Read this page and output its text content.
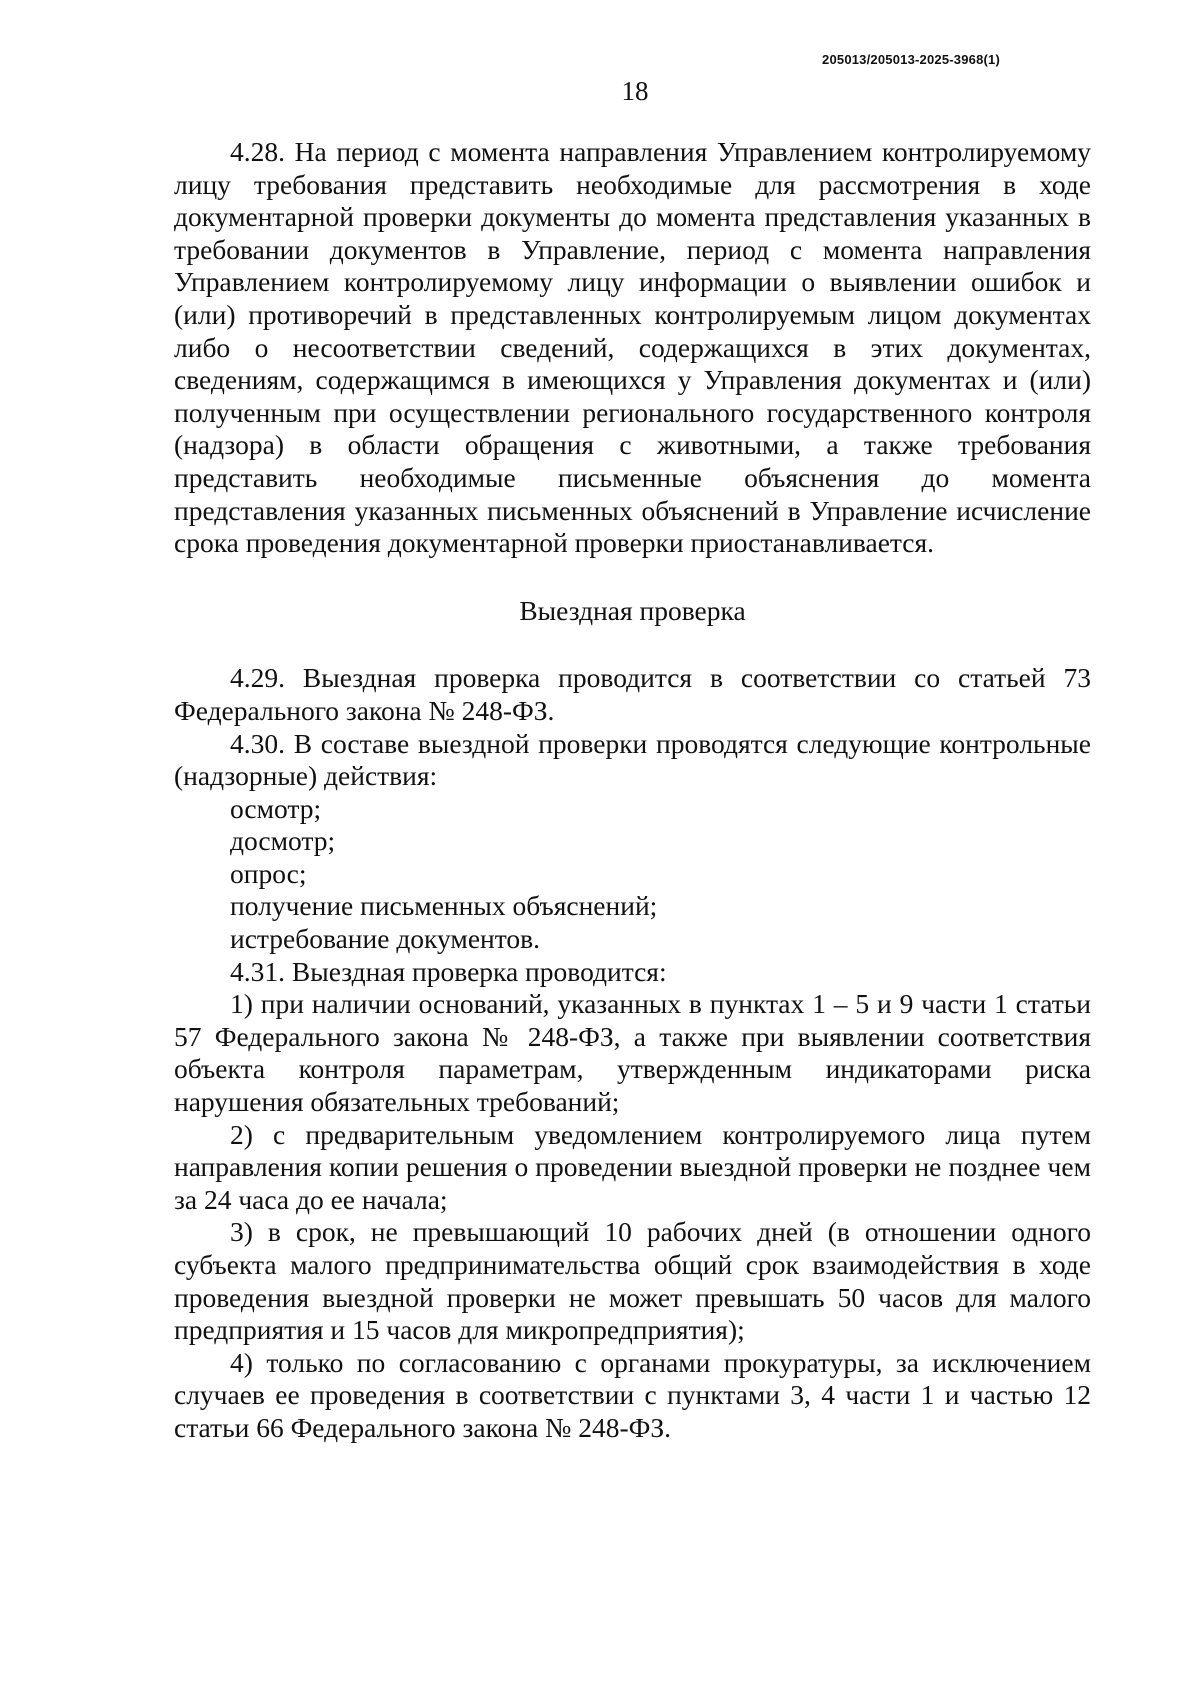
205013/205013-2025-3968(1)
18

4.28. На период с момента направления Управлением контролируемому лицу требования представить необходимые для рассмотрения в ходе документарной проверки документы до момента представления указанных в требовании документов в Управление, период с момента направления Управлением контролируемому лицу информации о выявлении ошибок и (или) противоречий в представленных контролируемым лицом документах либо о несоответствии сведений, содержащихся в этих документах, сведениям, содержащимся в имеющихся у Управления документах и (или) полученным при осуществлении регионального государственного контроля (надзора) в области обращения с животными, а также требования представить необходимые письменные объяснения до момента представления указанных письменных объяснений в Управление исчисление срока проведения документарной проверки приостанавливается.

Выездная проверка

4.29. Выездная проверка проводится в соответствии со статьей 73 Федерального закона № 248-ФЗ.

4.30. В составе выездной проверки проводятся следующие контрольные (надзорные) действия:

осмотр;

досмотр;

опрос;

получение письменных объяснений;

истребование документов.

4.31. Выездная проверка проводится:

1) при наличии оснований, указанных в пунктах 1 – 5 и 9 части 1 статьи 57 Федерального закона № 248-ФЗ, а также при выявлении соответствия объекта контроля параметрам, утвержденным индикаторами риска нарушения обязательных требований;

2) с предварительным уведомлением контролируемого лица путем направления копии решения о проведении выездной проверки не позднее чем за 24 часа до ее начала;

3) в срок, не превышающий 10 рабочих дней (в отношении одного субъекта малого предпринимательства общий срок взаимодействия в ходе проведения выездной проверки не может превышать 50 часов для малого предприятия и 15 часов для микропредприятия);

4) только по согласованию с органами прокуратуры, за исключением случаев ее проведения в соответствии с пунктами 3, 4 части 1 и частью 12 статьи 66 Федерального закона № 248-ФЗ.
